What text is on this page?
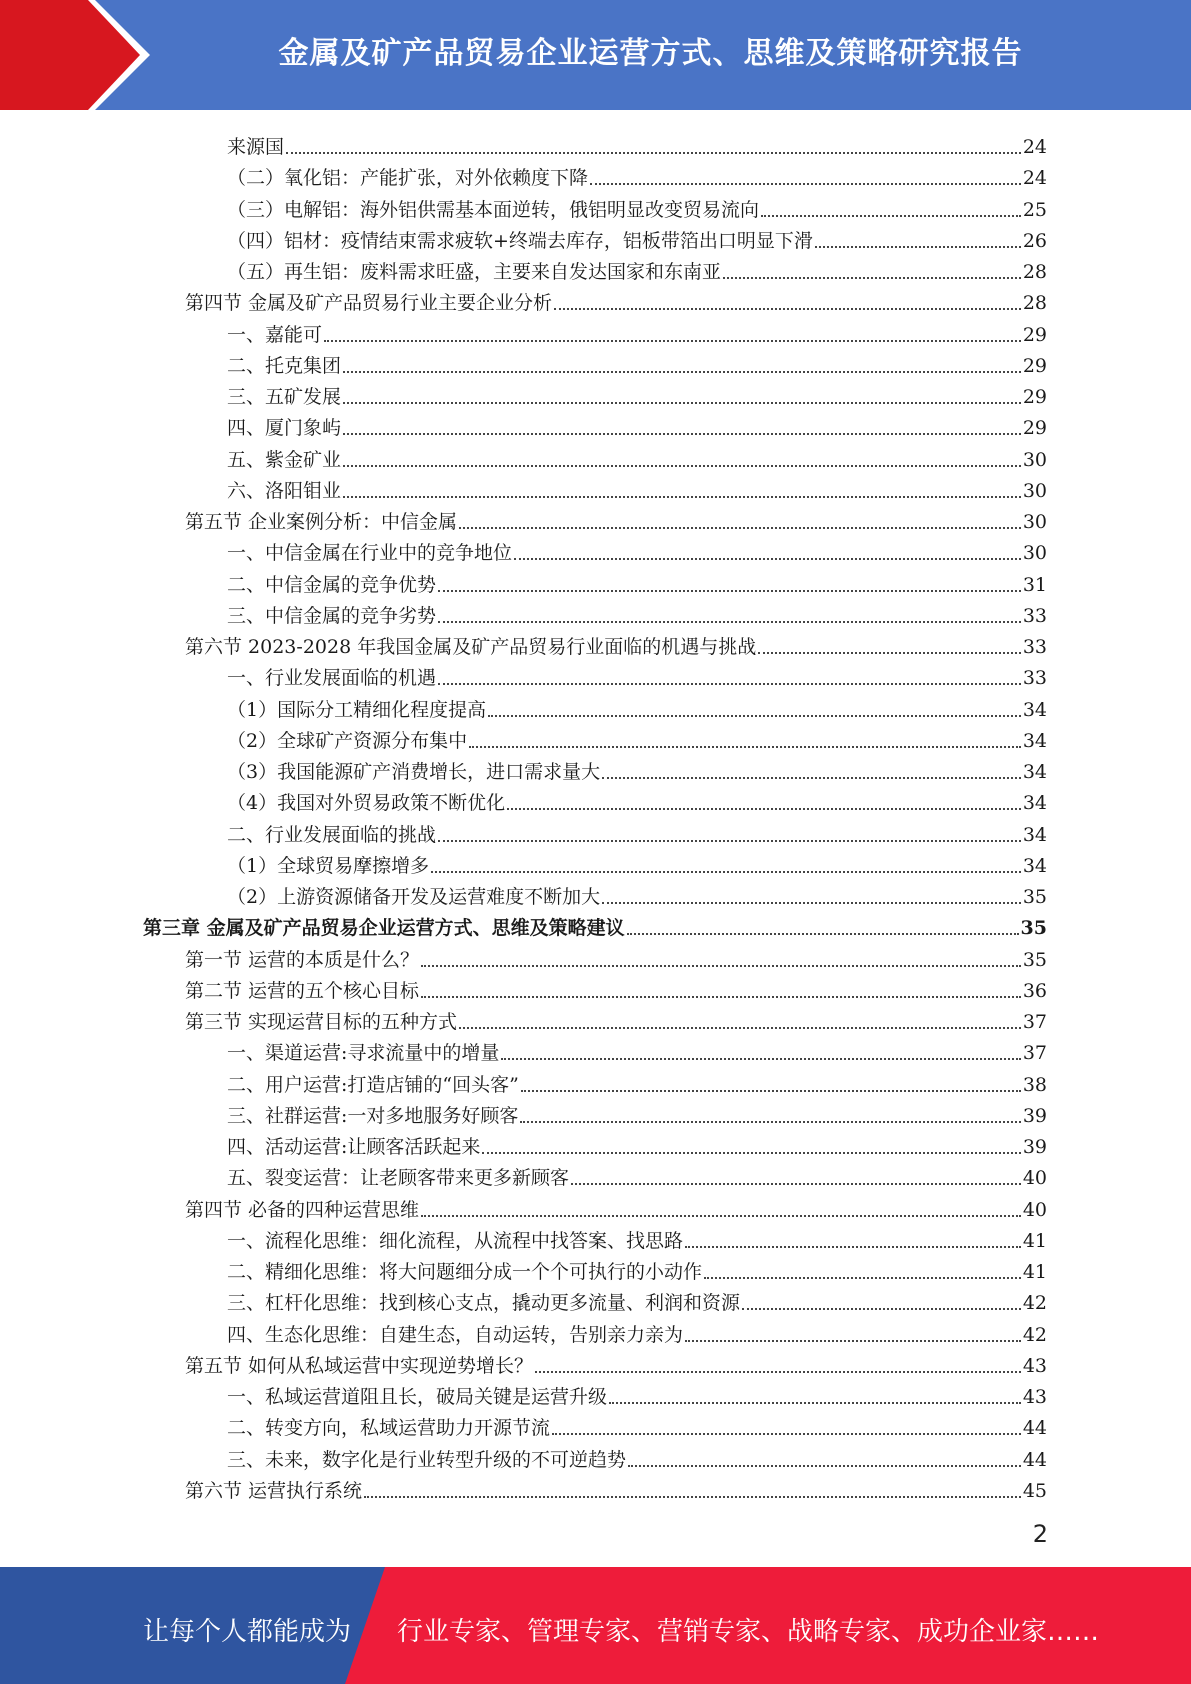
金属及矿产品贸易企业运营方式、思维及策略研究报告
来源国	24
（二）氧化铝：产能扩张，对外依赖度下降	24
（三）电解铝：海外铝供需基本面逆转，俄铝明显改变贸易流向	25
（四）铝材：疫情结束需求疲软+终端去库存，铝板带箔出口明显下滑	26
（五）再生铝：废料需求旺盛，主要来自发达国家和东南亚	28
第四节 金属及矿产品贸易行业主要企业分析	28
一、嘉能可	29
二、托克集团	29
三、五矿发展	29
四、厦门象屿	29
五、紫金矿业	30
六、洛阳钼业	30
第五节 企业案例分析：中信金属	30
一、中信金属在行业中的竞争地位	30
二、中信金属的竞争优势	31
三、中信金属的竞争劣势	33
第六节 2023-2028 年我国金属及矿产品贸易行业面临的机遇与挑战	33
一、行业发展面临的机遇	33
（1）国际分工精细化程度提高	34
（2）全球矿产资源分布集中	34
（3）我国能源矿产消费增长，进口需求量大	34
（4）我国对外贸易政策不断优化	34
二、行业发展面临的挑战	34
（1）全球贸易摩擦增多	34
（2）上游资源储备开发及运营难度不断加大	35
第三章 金属及矿产品贸易企业运营方式、思维及策略建议	35
第一节 运营的本质是什么？	35
第二节 运营的五个核心目标	36
第三节 实现运营目标的五种方式	37
一、渠道运营:寻求流量中的增量	37
二、用户运营:打造店铺的“回头客”	38
三、社群运营:一对多地服务好顾客	39
四、活动运营:让顾客活跃起来	39
五、裂变运营：让老顾客带来更多新顾客	40
第四节 必备的四种运营思维	40
一、流程化思维：细化流程，从流程中找答案、找思路	41
二、精细化思维：将大问题细分成一个个可执行的小动作	41
三、杠杆化思维：找到核心支点，撬动更多流量、利润和资源	42
四、生态化思维：自建生态，自动运转，告别亲力亲为	42
第五节 如何从私域运营中实现逆势增长？	43
一、私域运营道阻且长，破局关键是运营升级	43
二、转变方向，私域运营助力开源节流	44
三、未来，数字化是行业转型升级的不可逆趋势	44
第六节 运营执行系统	45
2
让每个人都能成为 行业专家、管理专家、营销专家、战略专家、成功企业家……
